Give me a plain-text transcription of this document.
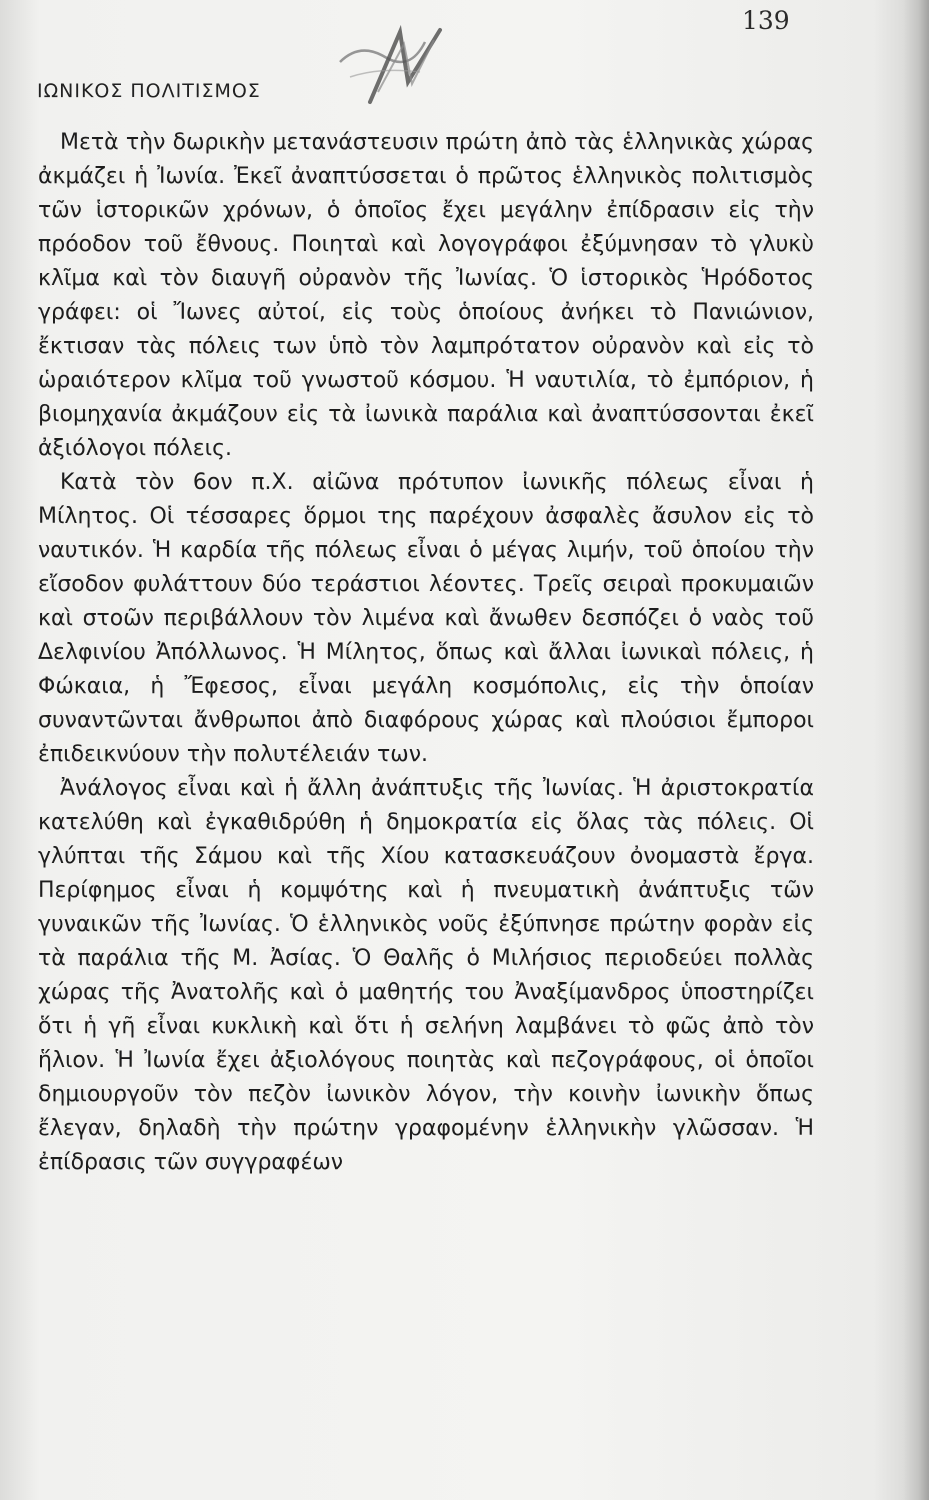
139
ΙΩΝΙΚΟΣ ΠΟΛΙΤΙΣΜΟΣ

Μετὰ τὴν δωρικὴν μετανάστευσιν πρώτη ἀπὸ τὰς ἑλληνικὰς χώρας ἀκμάζει ἡ Ἰωνία. Ἐκεῖ ἀναπτύσσεται ὁ πρῶτος ἑλληνικὸς πολιτισμὸς τῶν ἱστορικῶν χρόνων, ὁ ὁποῖος ἔχει μεγάλην ἐπίδρασιν εἰς τὴν πρόοδον τοῦ ἔθνους. Ποιηταὶ καὶ λογογράφοι ἐξύμνησαν τὸ γλυκὺ κλῖμα καὶ τὸν διαυγῆ οὐρανὸν τῆς Ἰωνίας. Ὁ ἱστορικὸς Ἡρόδοτος γράφει: οἱ Ἴωνες αὐτοί, εἰς τοὺς ὁποίους ἀνήκει τὸ Πανιώνιον, ἔκτισαν τὰς πόλεις των ὑπὸ τὸν λαμπρότατον οὐρανὸν καὶ εἰς τὸ ὡραιότερον κλῖμα τοῦ γνωστοῦ κόσμου. Ἡ ναυτιλία, τὸ ἐμπόριον, ἡ βιομηχανία ἀκμάζουν εἰς τὰ ἰωνικὰ παράλια καὶ ἀναπτύσσονται ἐκεῖ ἀξιόλογοι πόλεις.

Κατὰ τὸν 6ον π.Χ. αἰῶνα πρότυπον ἰωνικῆς πόλεως εἶναι ἡ Μίλητος. Οἱ τέσσαρες ὅρμοι της παρέχουν ἀσφαλὲς ἄσυλον εἰς τὸ ναυτικόν. Ἡ καρδία τῆς πόλεως εἶναι ὁ μέγας λιμήν, τοῦ ὁποίου τὴν εἴσοδον φυλάττουν δύο τεράστιοι λέοντες. Τρεῖς σειραὶ προκυμαιῶν καὶ στοῶν περιβάλλουν τὸν λιμένα καὶ ἄνωθεν δεσπόζει ὁ ναὸς τοῦ Δελφινίου Ἀπόλλωνος. Ἡ Μίλητος, ὅπως καὶ ἄλλαι ἰωνικαὶ πόλεις, ἡ Φώκαια, ἡ Ἔφεσος, εἶναι μεγάλη κοσμόπολις, εἰς τὴν ὁποίαν συναντῶνται ἄνθρωποι ἀπὸ διαφόρους χώρας καὶ πλούσιοι ἔμποροι ἐπιδεικνύουν τὴν πολυτέλειάν των.

Ἀνάλογος εἶναι καὶ ἡ ἄλλη ἀνάπτυξις τῆς Ἰωνίας. Ἡ ἀριστοκρατία κατελύθη καὶ ἐγκαθιδρύθη ἡ δημοκρατία εἰς ὅλας τὰς πόλεις. Οἱ γλύπται τῆς Σάμου καὶ τῆς Χίου κατασκευάζουν ὀνομαστὰ ἔργα. Περίφημος εἶναι ἡ κομψότης καὶ ἡ πνευματικὴ ἀνάπτυξις τῶν γυναικῶν τῆς Ἰωνίας. Ὁ ἑλληνικὸς νοῦς ἐξύπνησε πρώτην φορὰν εἰς τὰ παράλια τῆς Μ. Ἀσίας. Ὁ Θαλῆς ὁ Μιλήσιος περιοδεύει πολλὰς χώρας τῆς Ἀνατολῆς καὶ ὁ μαθητής του Ἀναξίμανδρος ὑποστηρίζει ὅτι ἡ γῆ εἶναι κυκλικὴ καὶ ὅτι ἡ σελήνη λαμβάνει τὸ φῶς ἀπὸ τὸν ἥλιον. Ἡ Ἰωνία ἔχει ἀξιολόγους ποιητὰς καὶ πεζογράφους, οἱ ὁποῖοι δημιουργοῦν τὸν πεζὸν ἰωνικὸν λόγον, τὴν κοινὴν ἰωνικὴν ὅπως ἔλεγαν, δηλαδὴ τὴν πρώτην γραφομένην ἑλληνικὴν γλῶσσαν. Ἡ ἐπίδρασις τῶν συγγραφέων
